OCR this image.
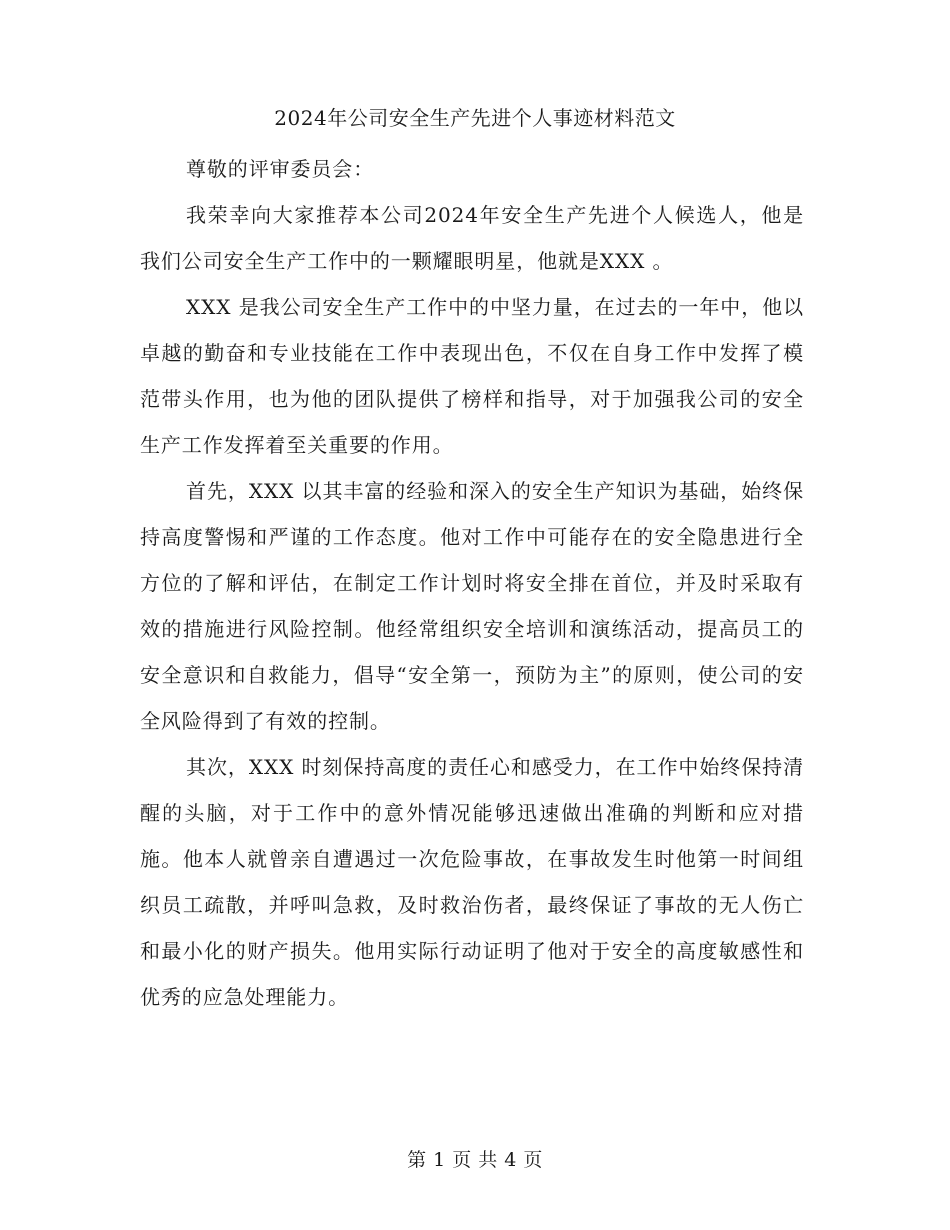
2024年公司安全生产先进个人事迹材料范文

尊敬的评审委员会：

我荣幸向大家推荐本公司2024年安全生产先进个人候选人，他是我们公司安全生产工作中的一颗耀眼明星，他就是XXX 。

XXX 是我公司安全生产工作中的中坚力量，在过去的一年中，他以卓越的勤奋和专业技能在工作中表现出色，不仅在自身工作中发挥了模范带头作用，也为他的团队提供了榜样和指导，对于加强我公司的安全生产工作发挥着至关重要的作用。

首先，XXX 以其丰富的经验和深入的安全生产知识为基础，始终保持高度警惕和严谨的工作态度。他对工作中可能存在的安全隐患进行全方位的了解和评估，在制定工作计划时将安全排在首位，并及时采取有效的措施进行风险控制。他经常组织安全培训和演练活动，提高员工的安全意识和自救能力，倡导“安全第一，预防为主”的原则，使公司的安全风险得到了有效的控制。

其次，XXX 时刻保持高度的责任心和感受力，在工作中始终保持清醒的头脑，对于工作中的意外情况能够迅速做出准确的判断和应对措施。他本人就曾亲自遭遇过一次危险事故，在事故发生时他第一时间组织员工疏散，并呼叫急救，及时救治伤者，最终保证了事故的无人伤亡和最小化的财产损失。他用实际行动证明了他对于安全的高度敏感性和优秀的应急处理能力。

第 1 页 共 4 页
